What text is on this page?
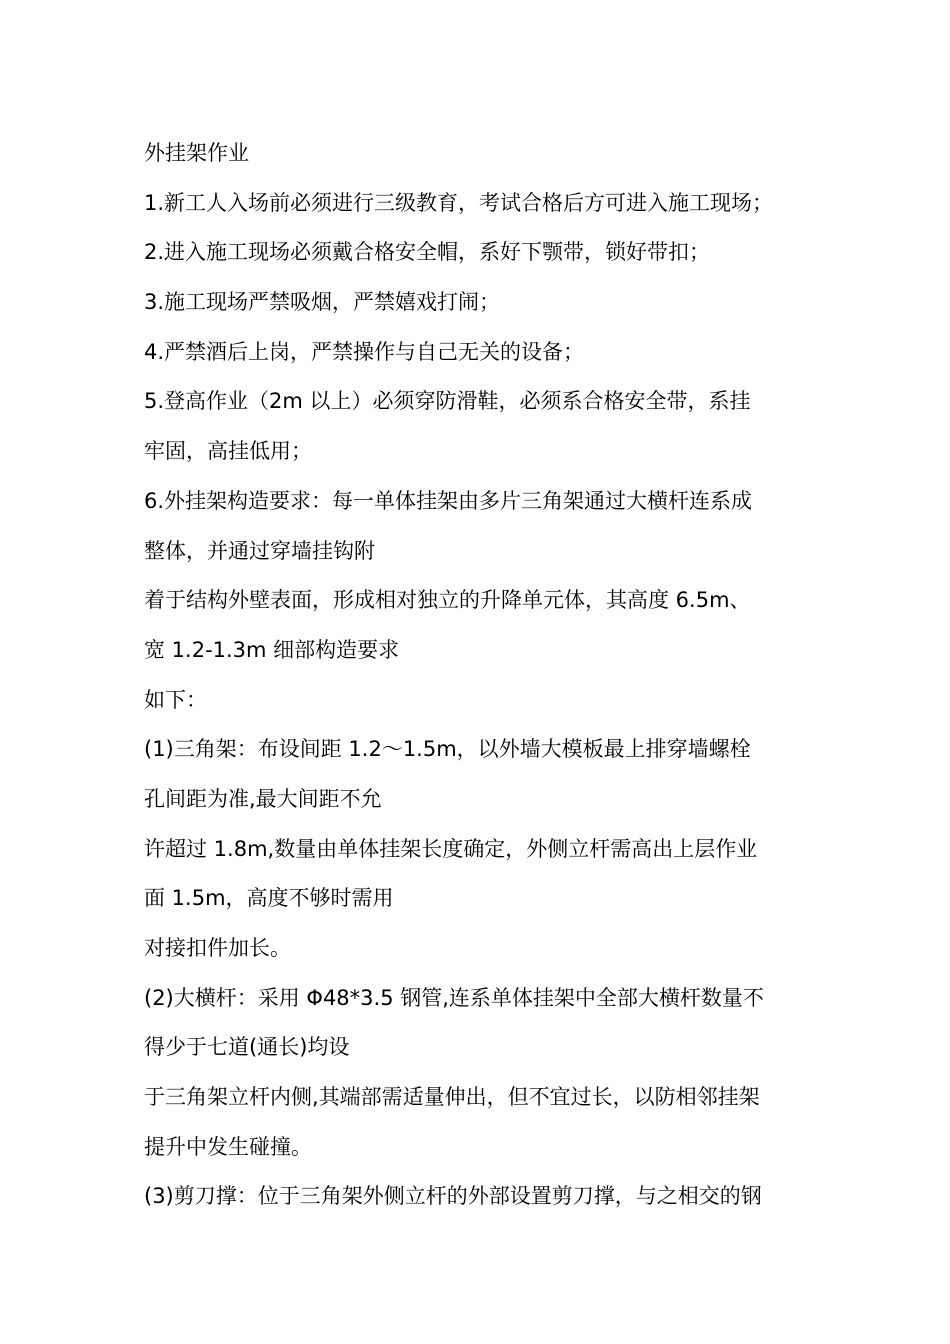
外挂架作业
1.新工人入场前必须进行三级教育，考试合格后方可进入施工现场；
2.进入施工现场必须戴合格安全帽，系好下颚带，锁好带扣；
3.施工现场严禁吸烟，严禁嬉戏打闹；
4.严禁酒后上岗，严禁操作与自己无关的设备；
5.登高作业（2m 以上）必须穿防滑鞋，必须系合格安全带，系挂
牢固，高挂低用；
6.外挂架构造要求：每一单体挂架由多片三角架通过大横杆连系成
整体，并通过穿墙挂钩附
着于结构外壁表面，形成相对独立的升降单元体，其高度 6.5m、
宽 1.2-1.3m 细部构造要求
如下：
(1)三角架：布设间距 1.2～1.5m，以外墙大模板最上排穿墙螺栓
孔间距为准,最大间距不允
许超过 1.8m,数量由单体挂架长度确定，外侧立杆需高出上层作业
面 1.5m，高度不够时需用
对接扣件加长。
(2)大横杆：采用 Φ48*3.5 钢管,连系单体挂架中全部大横杆数量不
得少于七道(通长)均设
于三角架立杆内侧,其端部需适量伸出，但不宜过长，以防相邻挂架
提升中发生碰撞。
(3)剪刀撑：位于三角架外侧立杆的外部设置剪刀撑，与之相交的钢
